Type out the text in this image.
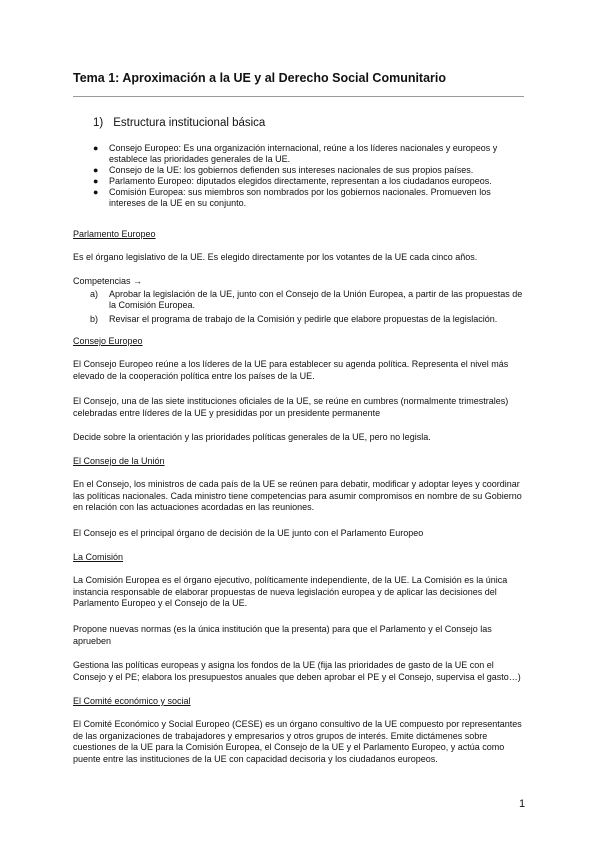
Tema 1: Aproximación a la UE y al Derecho Social Comunitario
1) Estructura institucional básica
● Consejo Europeo: Es una organización internacional, reúne a los líderes nacionales y europeos y establece las prioridades generales de la UE.
● Consejo de la UE: los gobiernos defienden sus intereses nacionales de sus propios países.
● Parlamento Europeo: diputados elegidos directamente, representan a los ciudadanos europeos.
● Comisión Europea: sus miembros son nombrados por los gobiernos nacionales. Promueven los intereses de la UE en su conjunto.
Parlamento Europeo

Es el órgano legislativo de la UE. Es elegido directamente por los votantes de la UE cada cinco años.

Competencias →

a) Aprobar la legislación de la UE, junto con el Consejo de la Unión Europea, a partir de las propuestas de la Comisión Europea.
b) Revisar el programa de trabajo de la Comisión y pedirle que elabore propuestas de la legislación.
Consejo Europeo

El Consejo Europeo reúne a los líderes de la UE para establecer su agenda política. Representa el nivel más elevado de la cooperación política entre los países de la UE.

El Consejo, una de las siete instituciones oficiales de la UE, se reúne en cumbres (normalmente trimestrales) celebradas entre líderes de la UE y presididas por un presidente permanente

Decide sobre la orientación y las prioridades políticas generales de la UE, pero no legisla.

El Consejo de la Unión

En el Consejo, los ministros de cada país de la UE se reúnen para debatir, modificar y adoptar leyes y coordinar las políticas nacionales. Cada ministro tiene competencias para asumir compromisos en nombre de su Gobierno en relación con las actuaciones acordadas en las reuniones.

El Consejo es el principal órgano de decisión de la UE junto con el Parlamento Europeo

La Comisión

La Comisión Europea es el órgano ejecutivo, políticamente independiente, de la UE. La Comisión es la única instancia responsable de elaborar propuestas de nueva legislación europea y de aplicar las decisiones del Parlamento Europeo y el Consejo de la UE.

Propone nuevas normas (es la única institución que la presenta) para que el Parlamento y el Consejo las aprueben

Gestiona las políticas europeas y asigna los fondos de la UE (fija las prioridades de gasto de la UE con el Consejo y el PE; elabora los presupuestos anuales que deben aprobar el PE y el Consejo, supervisa el gasto…)

El Comité económico y social

El Comité Económico y Social Europeo (CESE) es un órgano consultivo de la UE compuesto por representantes de las organizaciones de trabajadores y empresarios y otros grupos de interés. Emite dictámenes sobre cuestiones de la UE para la Comisión Europea, el Consejo de la UE y el Parlamento Europeo, y actúa como puente entre las instituciones de la UE con capacidad decisoria y los ciudadanos europeos.

1
